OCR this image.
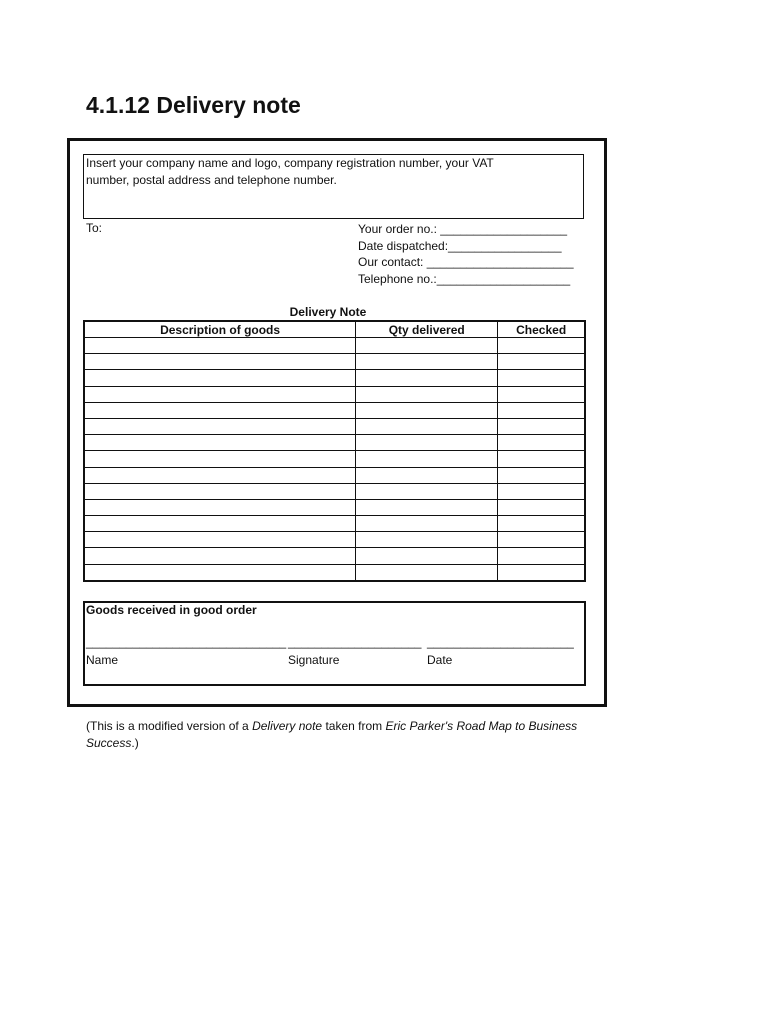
4.1.12 Delivery note
Insert your company name and logo, company registration number, your VAT
number, postal address and telephone number.
To:	Your order no.: ___________________
Date dispatched:_________________
Our contact: ______________________
Telephone no.:____________________
Delivery Note
Description of goods	Qty delivered	Checked

Goods received in good order
______________________________ ____________________ ______________________
Name	Signature	Date
(This is a modified version of a Delivery note taken from Eric Parker's Road Map to Business Success.)
